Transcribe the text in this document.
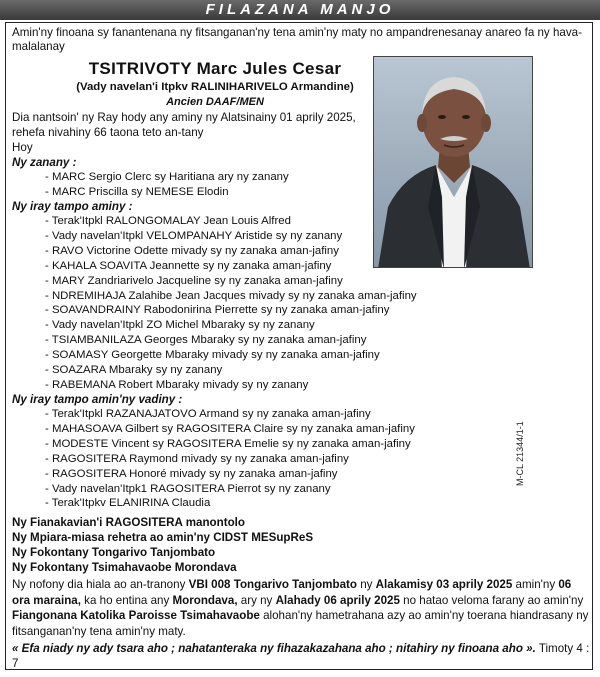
FILAZANA MANJO
Amin'ny finoana sy fanantenana ny fitsanganan'ny tena amin'ny maty no ampandrenesanay anareo fa ny hava-malalanay
TSITRIVOTY Marc Jules Cesar
(Vady navelan'i Itpkv RALINIHARIVELO Armandine)
Ancien DAAF/MEN
Dia nantsoin' ny Ray hody any aminy ny Alatsinainy 01 aprily 2025,
rehefa nivahiny 66 taona teto an-tany
Hoy
Ny zanany :
- MARC Sergio Clerc sy Haritiana ary ny zanany
- MARC Priscilla sy NEMESE Elodin
Ny iray tampo aminy :
- Terak'Itpkl RALONGOMALAY Jean Louis Alfred
- Vady navelan'Itpkl VELOMPANAHY Aristide sy ny zanany
- RAVO Victorine Odette mivady sy ny zanaka aman-jafiny
- KAHALA SOAVITA Jeannette sy ny zanaka aman-jafiny
- MARY Zandriarivelo Jacqueline sy ny zanaka aman-jafiny
- NDREMIHAJA Zalahibe Jean Jacques mivady sy ny zanaka aman-jafiny
- SOAVANDRAINY Rabodonirina Pierrette sy ny zanaka aman-jafiny
- Vady navelan'Itpkl ZO Michel Mbaraky sy ny zanany
- TSIAMBANILAZA Georges Mbaraky sy ny zanaka aman-jafiny
- SOAMASY Georgette Mbaraky mivady sy ny zanaka aman-jafiny
- SOAZARA Mbaraky sy ny zanany
- RABEMANA Robert Mbaraky mivady sy ny zanany
Ny iray tampo amin'ny vadiny :
- Terak'Itpkl RAZANAJATOVO Armand sy ny zanaka aman-jafiny
- MAHASOAVA Gilbert sy RAGOSITERA Claire sy ny zanaka aman-jafiny
- MODESTE Vincent sy RAGOSITERA Emelie sy ny zanaka aman-jafiny
- RAGOSITERA Raymond mivady sy ny zanaka aman-jafiny
- RAGOSITERA Honoré mivady sy ny zanaka aman-jafiny
- Vady navelan'Itpk1 RAGOSITERA Pierrot sy ny zanany
- Terak'Itpkv ELANIRINA Claudia
M-CL 21344/1-1
Ny Fianakavian'i RAGOSITERA manontolo
Ny Mpiara-miasa rehetra ao amin'ny CIDST MESupReS
Ny Fokontany Tongarivo Tanjombato
Ny Fokontany Tsimahavaobe Morondava
Ny nofony dia hiala ao an-tranony VBI 008 Tongarivo Tanjombato ny Alakamisy 03 aprily 2025 amin'ny 06 ora maraina, ka ho entina any Morondava, ary ny Alahady 06 aprily 2025 no hatao veloma farany ao amin'ny Fiangonana Katolika Paroisse Tsimahavaobe alohan'ny hametrahana azy ao amin'ny toerana hiandrasany ny fitsanganan'ny tena amin'ny maty.
« Efa niady ny ady tsara aho ; nahatanteraka ny fihazakazahana aho ; nitahiry ny finoana aho ». Timoty 4 : 7
